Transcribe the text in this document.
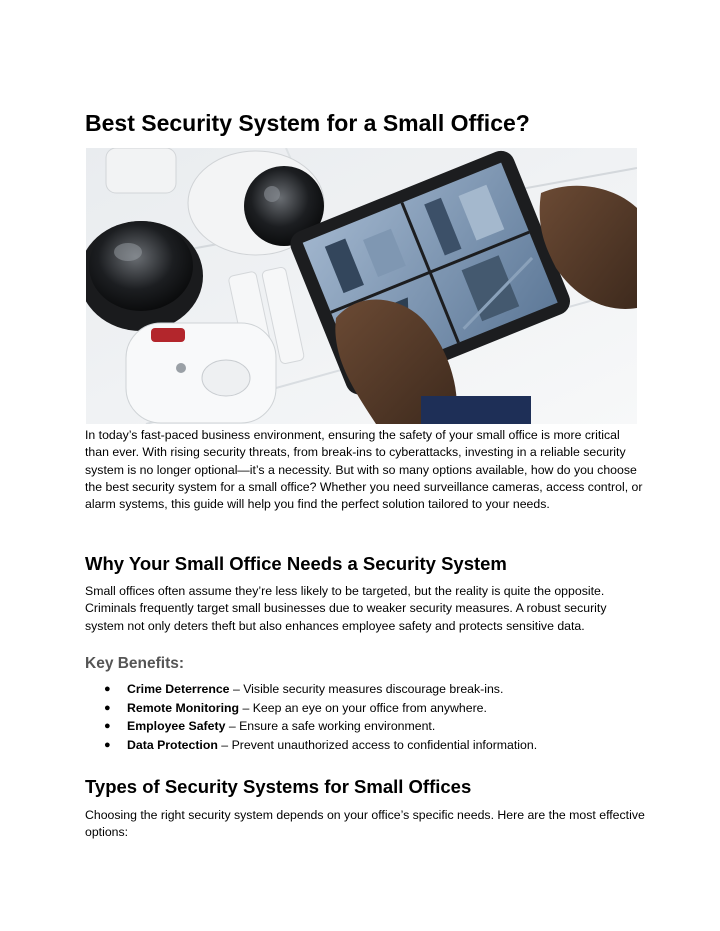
Best Security System for a Small Office?

In today’s fast-paced business environment, ensuring the safety of your small office is more critical than ever. With rising security threats, from break-ins to cyberattacks, investing in a reliable security system is no longer optional—it’s a necessity. But with so many options available, how do you choose the best security system for a small office? Whether you need surveillance cameras, access control, or alarm systems, this guide will help you find the perfect solution tailored to your needs.

Why Your Small Office Needs a Security System

Small offices often assume they’re less likely to be targeted, but the reality is quite the opposite. Criminals frequently target small businesses due to weaker security measures. A robust security system not only deters theft but also enhances employee safety and protects sensitive data.

Key Benefits:
● Crime Deterrence – Visible security measures discourage break-ins.
● Remote Monitoring – Keep an eye on your office from anywhere.
● Employee Safety – Ensure a safe working environment.
● Data Protection – Prevent unauthorized access to confidential information.
Types of Security Systems for Small Offices

Choosing the right security system depends on your office’s specific needs. Here are the most effective options:
